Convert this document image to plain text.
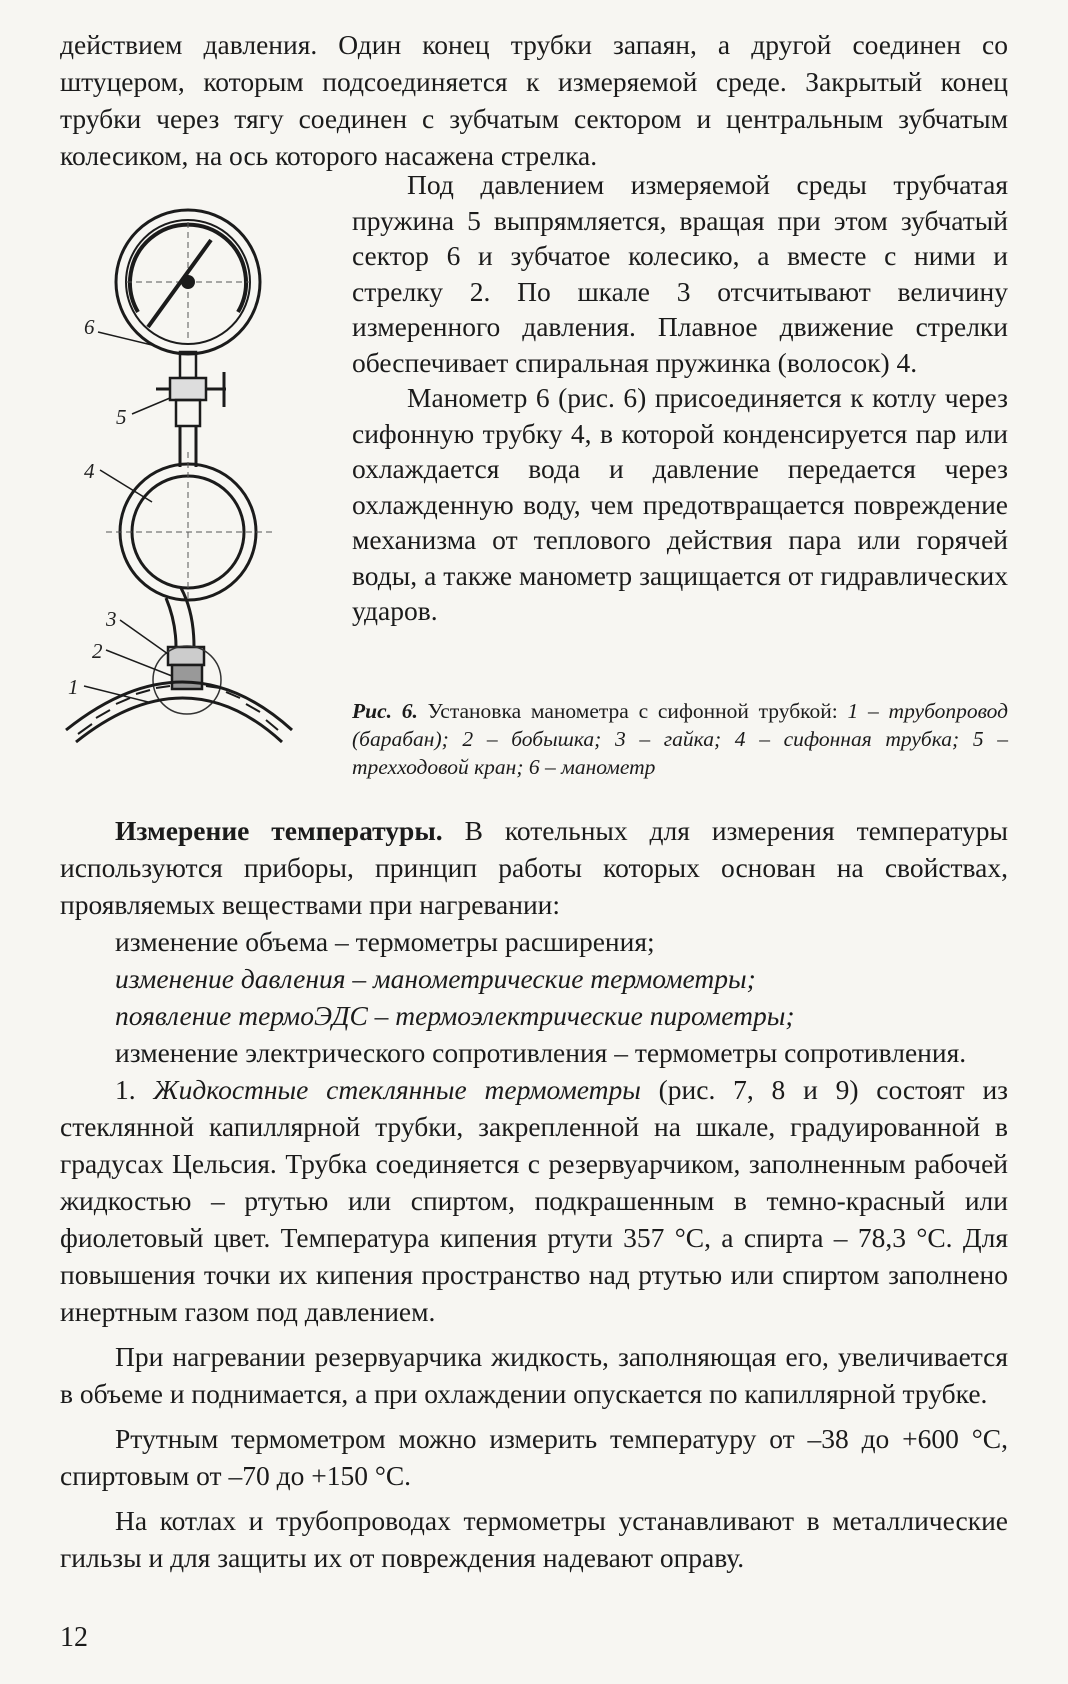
действием давления. Один конец трубки запаян, а другой соединен со штуцером, которым подсоединяется к измеряемой среде. Закрытый конец трубки через тягу соединен с зубчатым сектором и центральным зубчатым колесиком, на ось которого насажена стрелка.

6
5
4
3
2
1

Под давлением измеряемой среды трубчатая пружина 5 выпрямляется, вращая при этом зубчатый сектор 6 и зубчатое колесико, а вместе с ними и стрелку 2. По шкале 3 отсчитывают величину измеренного давления. Плавное движение стрелки обеспечивает спиральная пружинка (волосок) 4.

Манометр 6 (рис. 6) присоединяется к котлу через сифонную трубку 4, в которой конденсируется пар или охлаждается вода и давление передается через охлажденную воду, чем предотвращается повреждение механизма от теплового действия пара или горячей воды, а также манометр защищается от гидравлических ударов.

Рис. 6. Установка манометра с сифонной трубкой: 1 – трубопровод (барабан); 2 – бобышка; 3 – гайка; 4 – сифонная трубка; 5 – трехходовой кран; 6 – манометр

Измерение температуры. В котельных для измерения температуры используются приборы, принцип работы которых основан на свойствах, проявляемых веществами при нагревании:

изменение объема – термометры расширения;

изменение давления – манометрические термометры;

появление термоЭДС – термоэлектрические пирометры;

изменение электрического сопротивления – термометры сопротивления.

1. Жидкостные стеклянные термометры (рис. 7, 8 и 9) состоят из стеклянной капиллярной трубки, закрепленной на шкале, градуированной в градусах Цельсия. Трубка соединяется с резервуарчиком, заполненным рабочей жидкостью – ртутью или спиртом, подкрашенным в темно-красный или фиолетовый цвет. Температура кипения ртути 357 °С, а спирта – 78,3 °С. Для повышения точки их кипения пространство над ртутью или спиртом заполнено инертным газом под давлением.

При нагревании резервуарчика жидкость, заполняющая его, увеличивается в объеме и поднимается, а при охлаждении опускается по капиллярной трубке.

Ртутным термометром можно измерить температуру от –38 до +600 °С, спиртовым от –70 до +150 °С.

На котлах и трубопроводах термометры устанавливают в металлические гильзы и для защиты их от повреждения надевают оправу.

12
